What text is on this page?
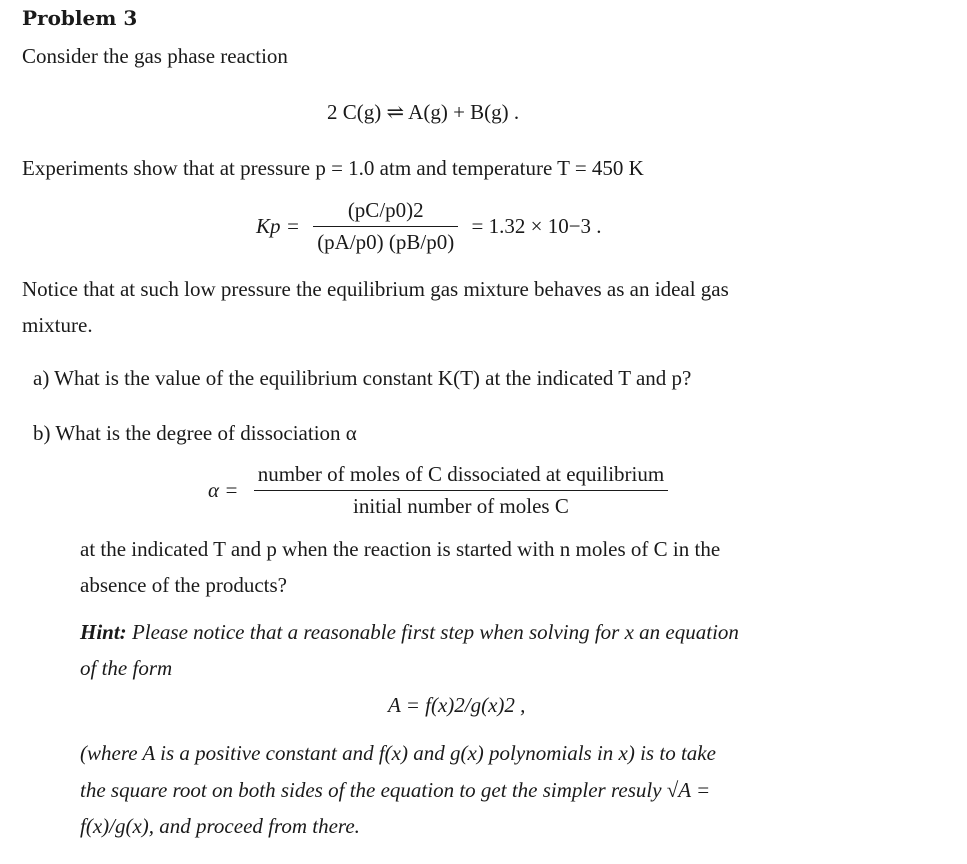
Problem 3
Consider the gas phase reaction
2 C(g) ⇌ A(g) + B(g) .
Experiments show that at pressure p = 1.0 atm and temperature T = 450 K
$Kp = \frac{(pC/p0)2}{(pA/p0) (pB/p0)} = 1.32 \times 10-3$ .
Notice that at such low pressure the equilibrium gas mixture behaves as an ideal gas
mixture.
a) What is the value of the equilibrium constant K(T) at the indicated T and p?
b) What is the degree of dissociation α
$\alpha = \frac{\text{number of moles of C dissociated at equilibrium}}{\text{initial number of moles C}}$
at the indicated T and p when the reaction is started with n moles of C in the
absence of the products?
Hint: Please notice that a reasonable first step when solving for x an equation
of the form
A = f(x)2/g(x)2 ,
(where A is a positive constant and f(x) and g(x) polynomials in x) is to take
the square root on both sides of the equation to get the simpler resuly √A =
f(x)/g(x), and proceed from there.
